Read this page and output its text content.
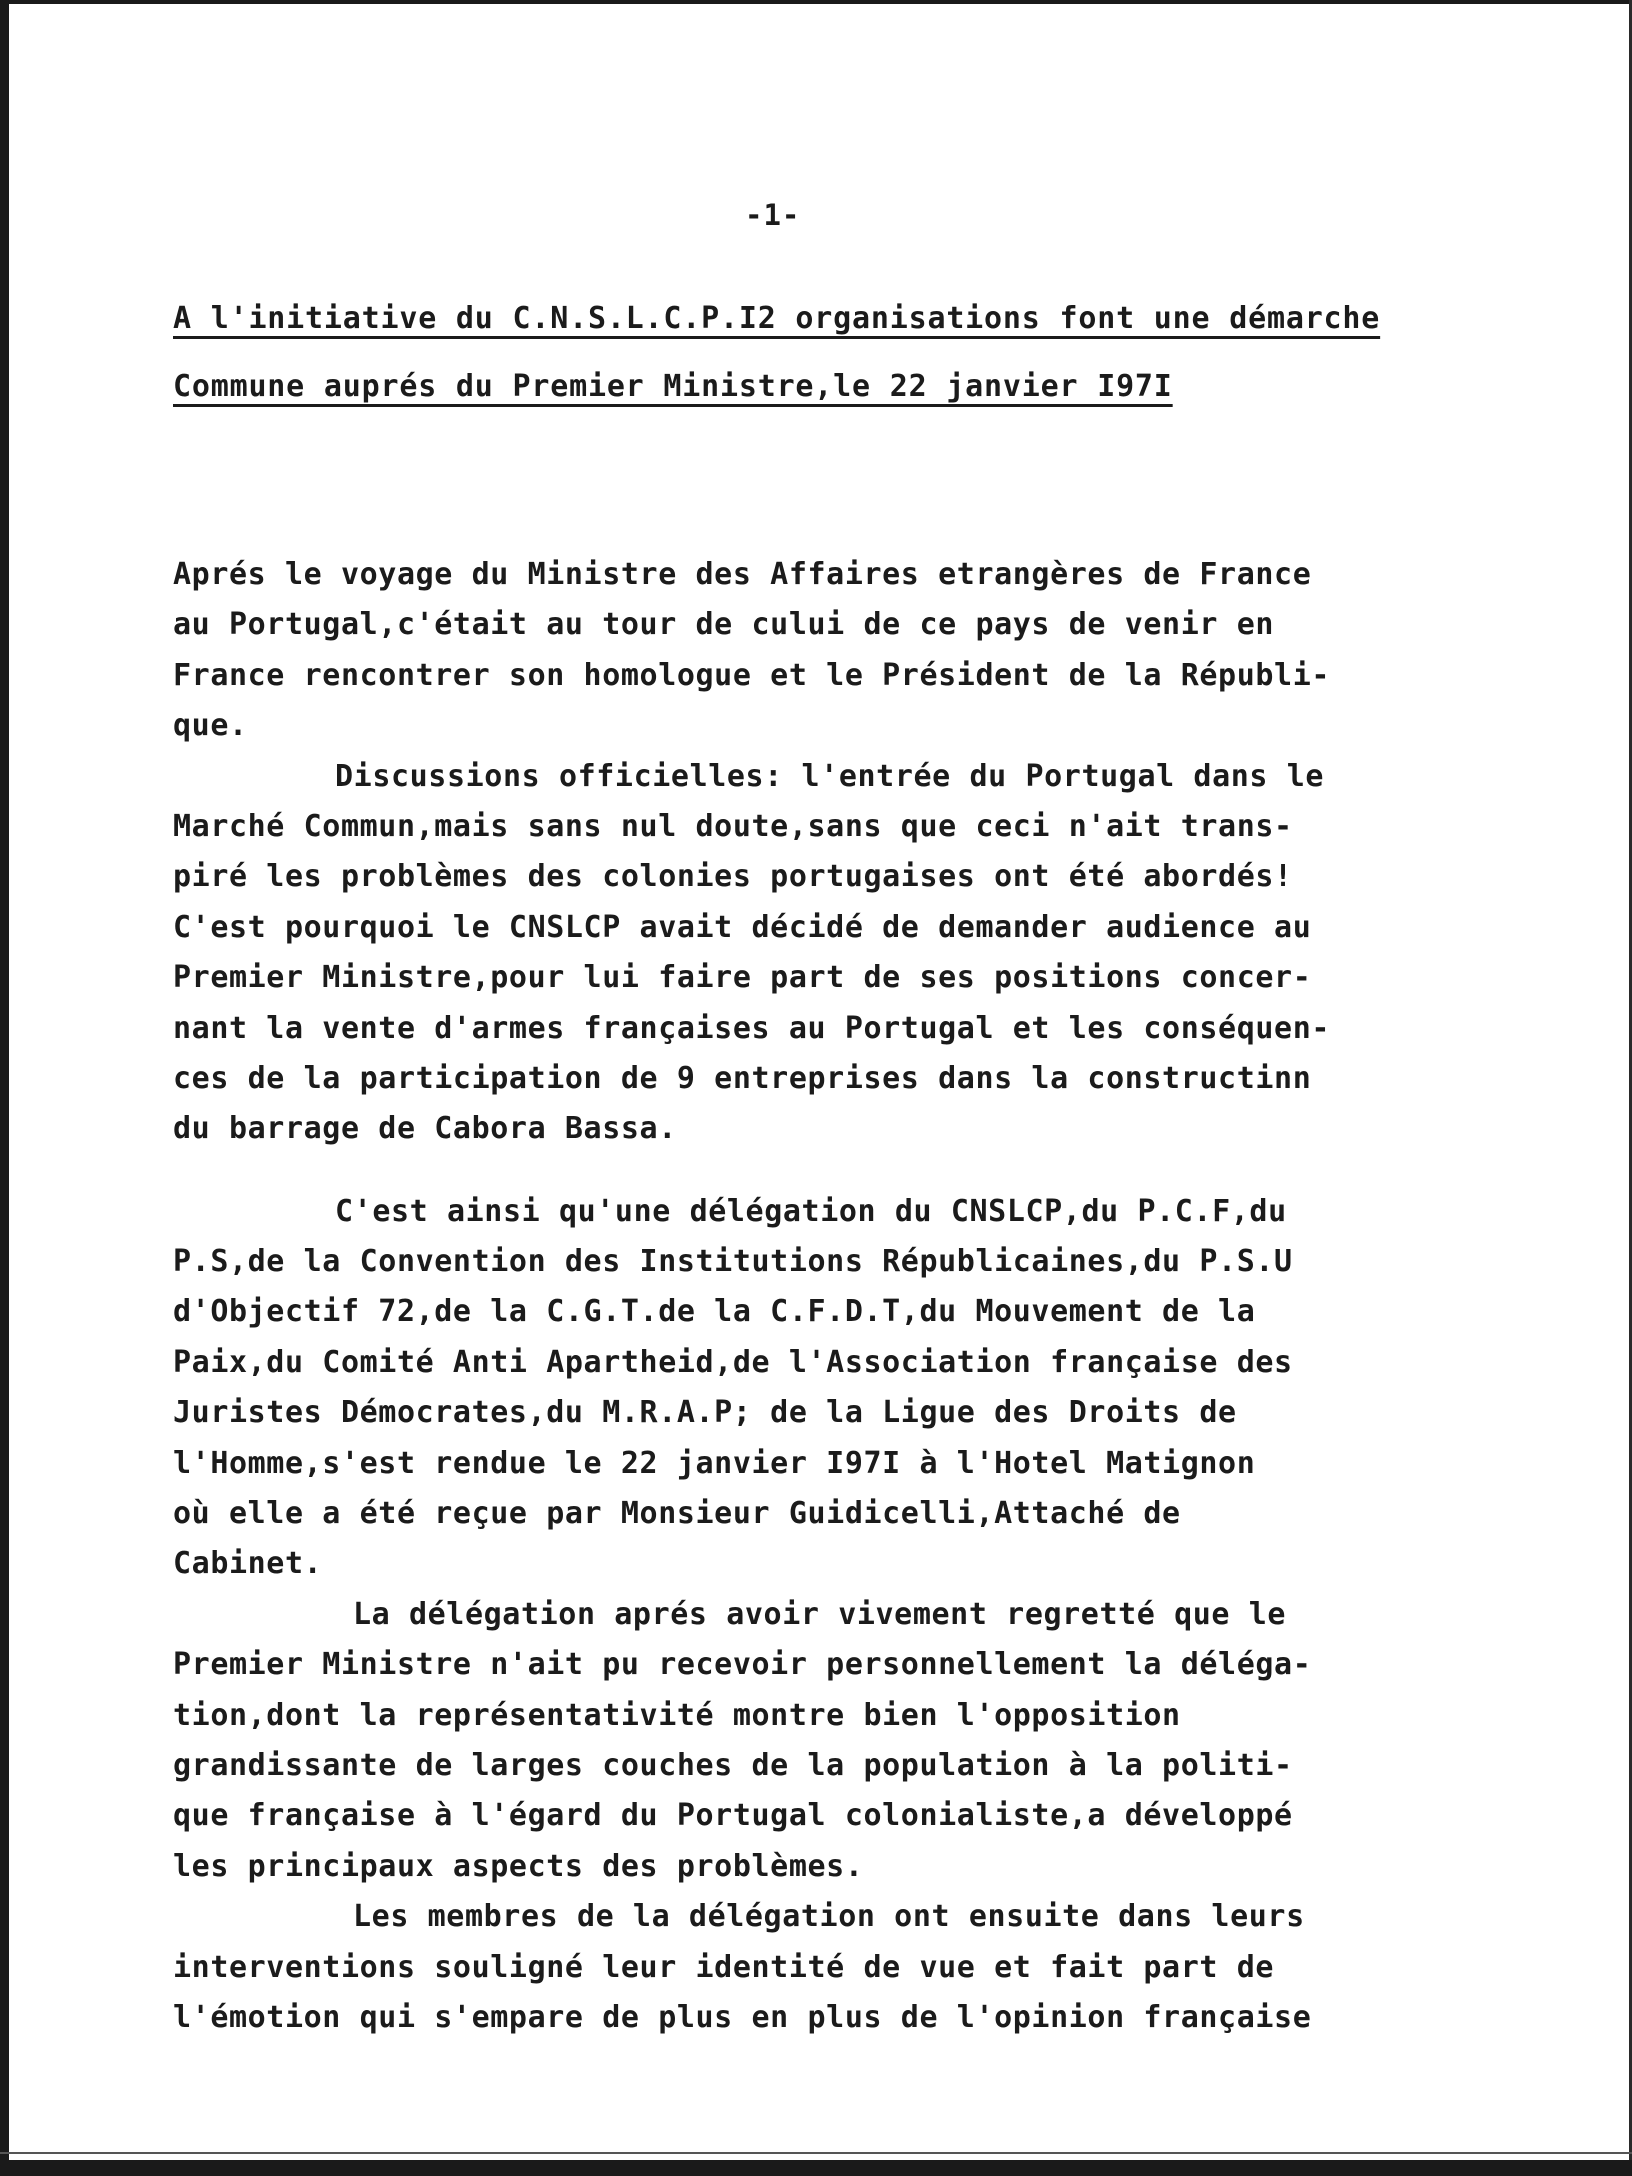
-1-
A l'initiative du C.N.S.L.C.P.I2 organisations font une démarche
Commune auprés du Premier Ministre,le 22 janvier I97I
Aprés le voyage du Ministre des Affaires etrangères de France
au Portugal,c'était au tour de cului de ce pays de venir en
France rencontrer son homologue et le Président de la Républi-
que.
Discussions officielles: l'entrée du Portugal dans le
Marché Commun,mais sans nul doute,sans que ceci n'ait trans-
piré les problèmes des colonies portugaises ont été abordés!
C'est pourquoi le CNSLCP avait décidé de demander audience au
Premier Ministre,pour lui faire part de ses positions concer-
nant la vente d'armes françaises au Portugal et les conséquen-
ces de la participation de 9 entreprises dans la constructinn
du barrage de Cabora Bassa.
C'est ainsi qu'une délégation du CNSLCP,du P.C.F,du
P.S,de la Convention des Institutions Républicaines,du P.S.U
d'Objectif 72,de la C.G.T.de la C.F.D.T,du Mouvement de la
Paix,du Comité Anti Apartheid,de l'Association française des
Juristes Démocrates,du M.R.A.P; de la Ligue des Droits de
l'Homme,s'est rendue le 22 janvier I97I à l'Hotel Matignon
où elle a été reçue par Monsieur Guidicelli,Attaché de
Cabinet.
La délégation aprés avoir vivement regretté que le
Premier Ministre n'ait pu recevoir personnellement la déléga-
tion,dont la représentativité montre bien l'opposition
grandissante de larges couches de la population à la politi-
que française à l'égard du Portugal colonialiste,a développé
les principaux aspects des problèmes.
Les membres de la délégation ont ensuite dans leurs
interventions souligné leur identité de vue et fait part de
l'émotion qui s'empare de plus en plus de l'opinion française
